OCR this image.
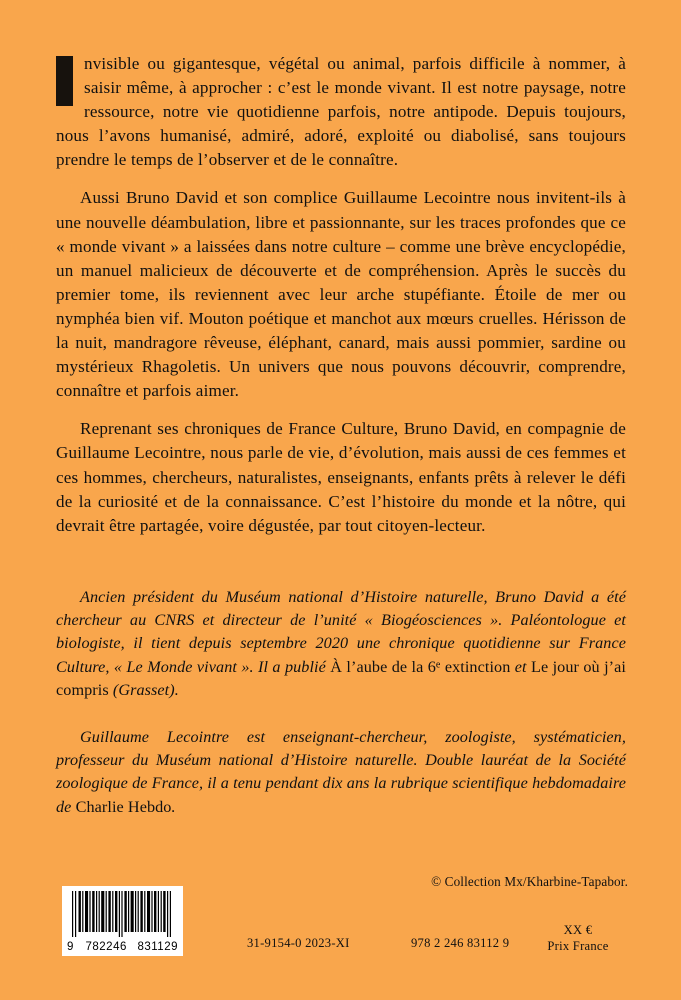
nvisible ou gigantesque, végétal ou animal, parfois difficile à nommer, à saisir même, à approcher : c’est le monde vivant. Il est notre paysage, notre ressource, notre vie quotidienne parfois, notre antipode. Depuis toujours, nous l’avons humanisé, admiré, adoré, exploité ou diabolisé, sans toujours prendre le temps de l’observer et de le connaître.

Aussi Bruno David et son complice Guillaume Lecointre nous invitent-ils à une nouvelle déambulation, libre et passionnante, sur les traces profondes que ce « monde vivant » a laissées dans notre culture – comme une brève encyclopédie, un manuel malicieux de découverte et de compréhension. Après le succès du premier tome, ils reviennent avec leur arche stupéfiante. Étoile de mer ou nymphéa bien vif. Mouton poétique et manchot aux mœurs cruelles. Hérisson de la nuit, mandragore rêveuse, éléphant, canard, mais aussi pommier, sardine ou mystérieux Rhagoletis. Un univers que nous pouvons découvrir, comprendre, connaître et parfois aimer.

Reprenant ses chroniques de France Culture, Bruno David, en compagnie de Guillaume Lecointre, nous parle de vie, d’évolution, mais aussi de ces femmes et ces hommes, chercheurs, naturalistes, enseignants, enfants prêts à relever le défi de la curiosité et de la connaissance. C’est l’histoire du monde et la nôtre, qui devrait être partagée, voire dégustée, par tout citoyen-lecteur.

Ancien président du Muséum national d’Histoire naturelle, Bruno David a été chercheur au CNRS et directeur de l’unité « Biogéosciences ». Paléontologue et biologiste, il tient depuis septembre 2020 une chronique quotidienne sur France Culture, « Le Monde vivant ». Il a publié À l’aube de la 6e extinction et Le jour où j’ai compris (Grasset).

Guillaume Lecointre est enseignant-chercheur, zoologiste, systématicien, professeur du Muséum national d’Histoire naturelle. Double lauréat de la Société zoologique de France, il a tenu pendant dix ans la rubrique scientifique hebdomadaire de Charlie Hebdo.

© Collection Mx/Kharbine-Tapabor.
9 782246 831129	31-9154-0 2023-XI	978 2 246 83112 9
XX €
Prix France
